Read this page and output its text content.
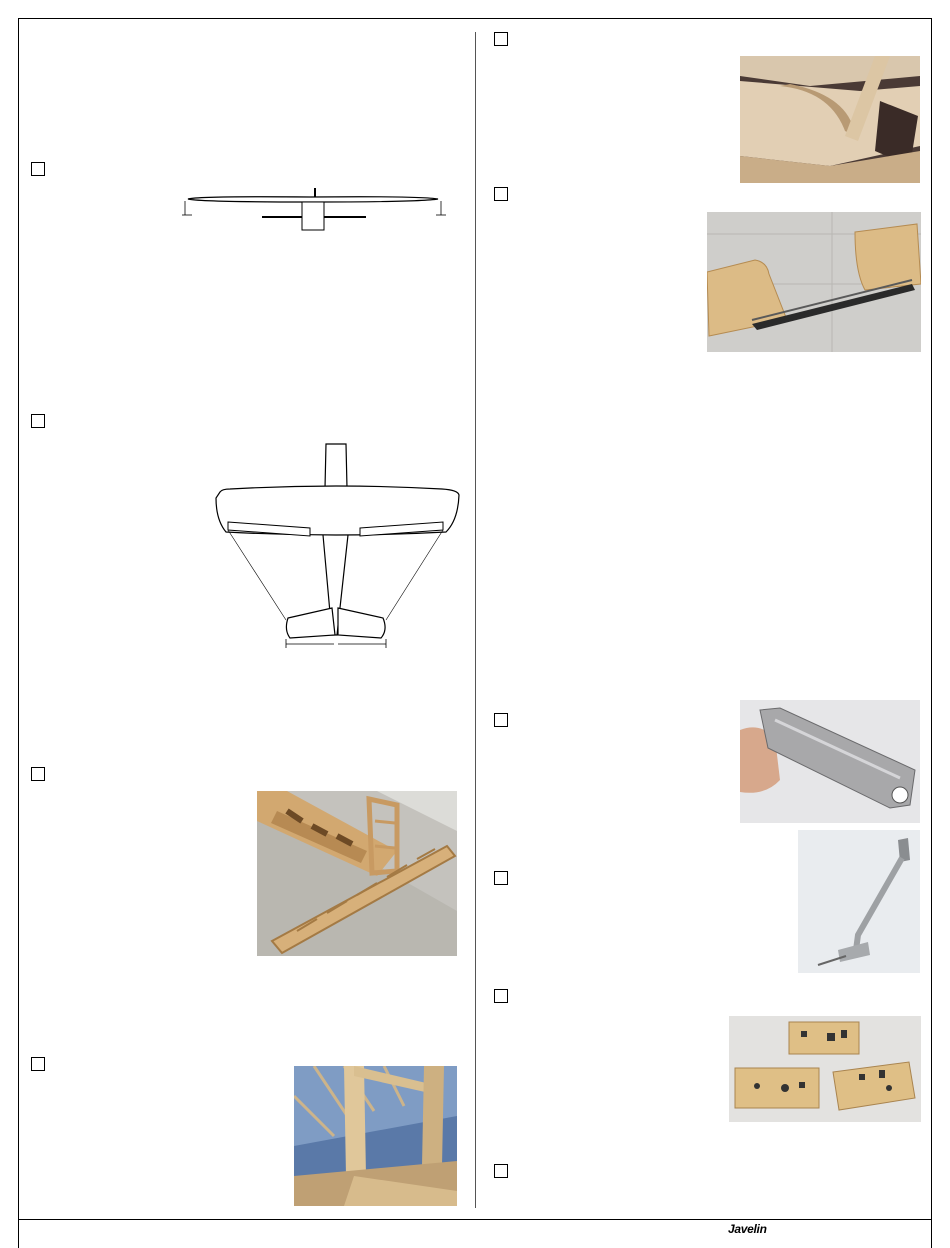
Javelin
